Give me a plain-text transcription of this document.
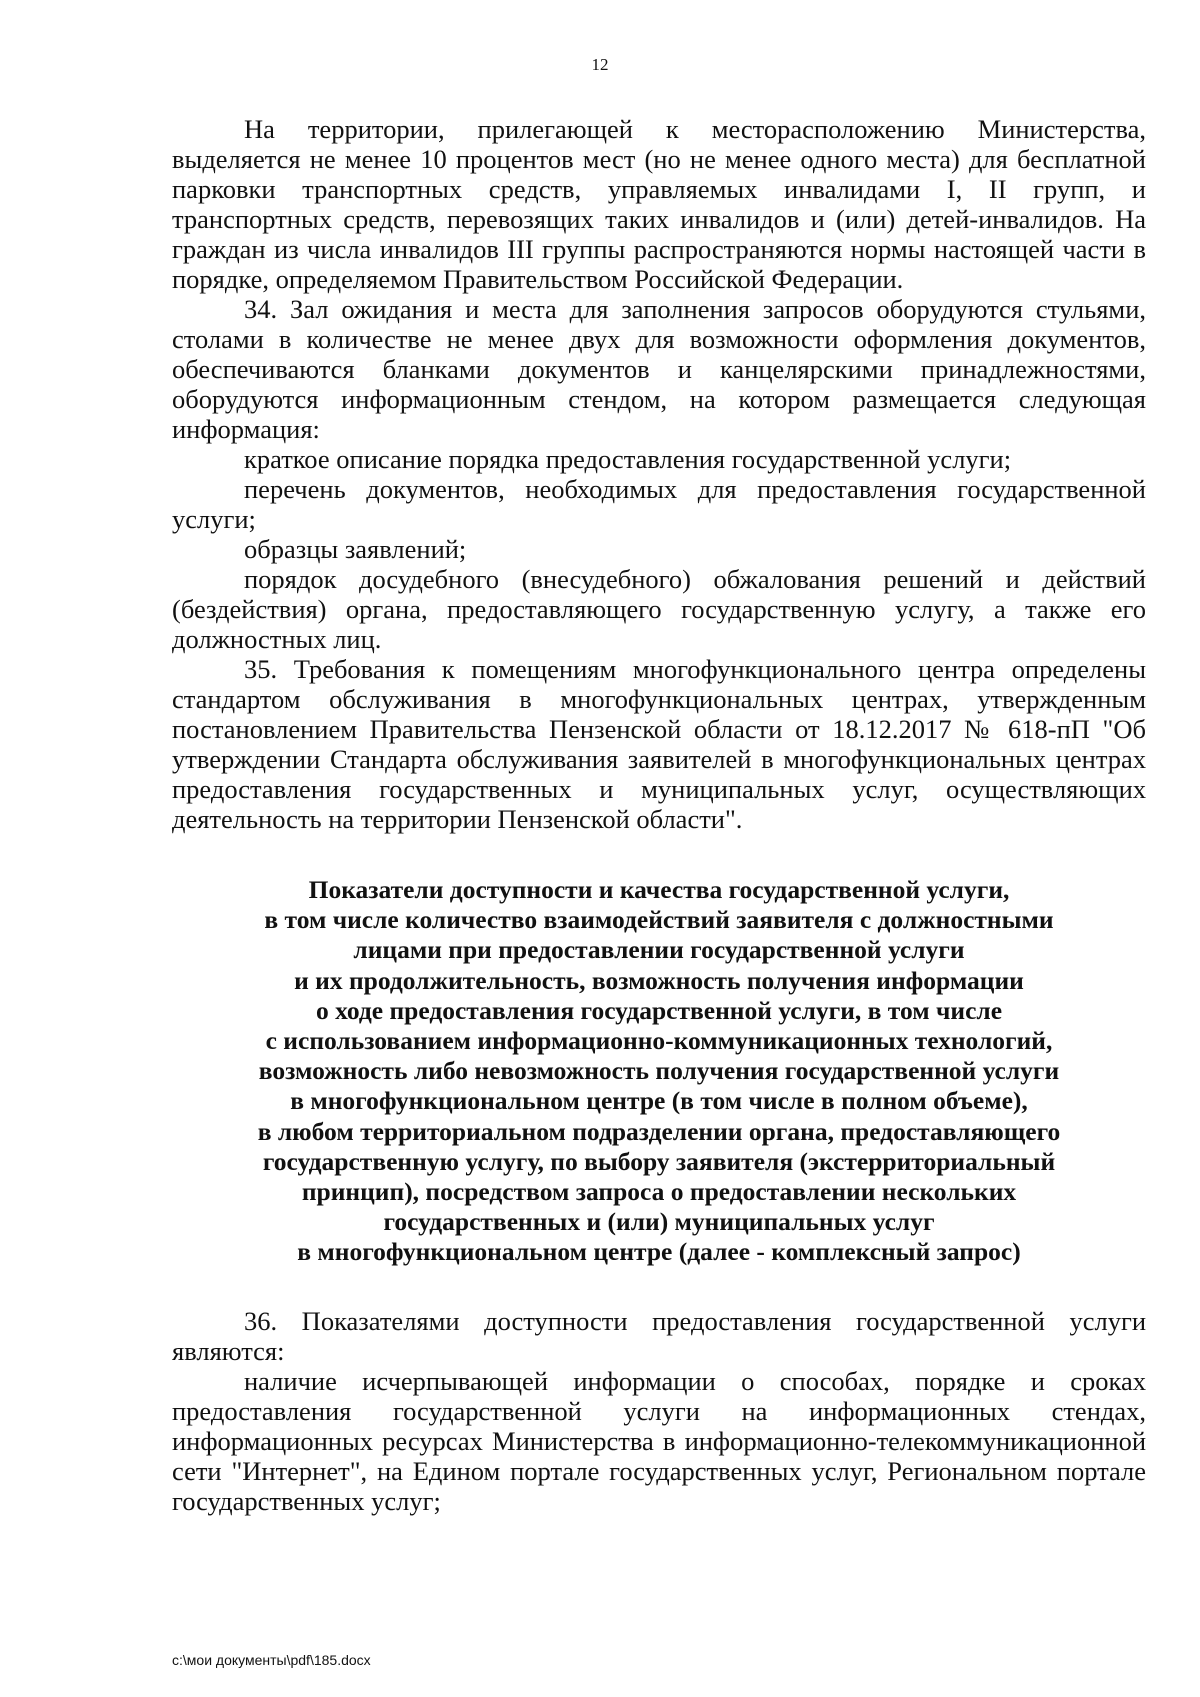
12

На территории, прилегающей к месторасположению Министерства, выделяется не менее 10 процентов мест (но не менее одного места) для бесплатной парковки транспортных средств, управляемых инвалидами I, II групп, и транспортных средств, перевозящих таких инвалидов и (или) детей-инвалидов. На граждан из числа инвалидов III группы распространяются нормы настоящей части в порядке, определяемом Правительством Российской Федерации.

34. Зал ожидания и места для заполнения запросов оборудуются стульями, столами в количестве не менее двух для возможности оформления документов, обеспечиваются бланками документов и канцелярскими принадлежностями, оборудуются информационным стендом, на котором размещается следующая информация:

краткое описание порядка предоставления государственной услуги;

перечень документов, необходимых для предоставления государственной услуги;

образцы заявлений;

порядок досудебного (внесудебного) обжалования решений и действий (бездействия) органа, предоставляющего государственную услугу, а также его должностных лиц.

35. Требования к помещениям многофункционального центра определены стандартом обслуживания в многофункциональных центрах, утвержденным постановлением Правительства Пензенской области от 18.12.2017 № 618-пП "Об утверждении Стандарта обслуживания заявителей в многофункциональных центрах предоставления государственных и муниципальных услуг, осуществляющих деятельность на территории Пензенской области".

Показатели доступности и качества государственной услуги,
в том числе количество взаимодействий заявителя с должностными
лицами при предоставлении государственной услуги
и их продолжительность, возможность получения информации
о ходе предоставления государственной услуги, в том числе
с использованием информационно-коммуникационных технологий,
возможность либо невозможность получения государственной услуги
в многофункциональном центре (в том числе в полном объеме),
в любом территориальном подразделении органа, предоставляющего
государственную услугу, по выбору заявителя (экстерриториальный
принцип), посредством запроса о предоставлении нескольких
государственных и (или) муниципальных услуг
в многофункциональном центре (далее - комплексный запрос)

36. Показателями доступности предоставления государственной услуги являются:

наличие исчерпывающей информации о способах, порядке и сроках предоставления государственной услуги на информационных стендах, информационных ресурсах Министерства в информационно-телекоммуникационной сети "Интернет", на Едином портале государственных услуг, Региональном портале государственных услуг;

c:\мои документы\pdf\185.docx
